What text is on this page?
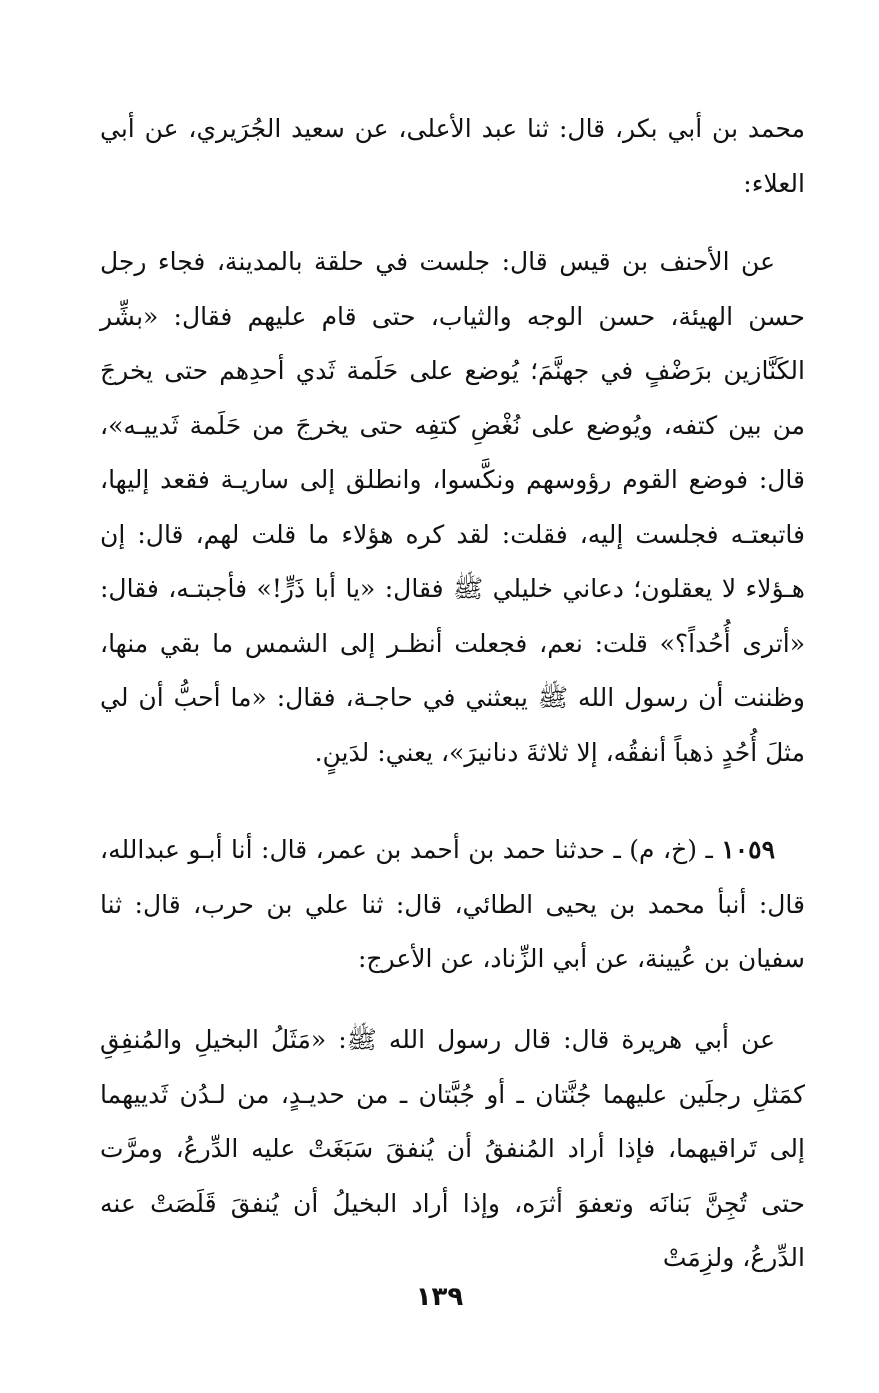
محمد بن أبي بكر، قال: ثنا عبد الأعلى، عن سعيد الجُرَيري، عن أبي العلاء:

عن الأحنف بن قيس قال: جلست في حلقة بالمدينة، فجاء رجل حسن الهيئة، حسن الوجه والثياب، حتى قام عليهم فقال: «بشِّر الكَنَّازين برَضْفٍ في جهنَّمَ؛ يُوضع على حَلَمة ثَدي أحدِهم حتى يخرجَ من بين كتفه، ويُوضع على نُغْضِ كتفِه حتى يخرجَ من حَلَمة ثَدييـه»، قال: فوضع القوم رؤوسهم ونكَّسوا، وانطلق إلى ساريـة فقعد إليها، فاتبعتـه فجلست إليه، فقلت: لقد كره هؤلاء ما قلت لهم، قال: إن هـؤلاء لا يعقلون؛ دعاني خليلي ﷺ فقال: «يا أبا ذَرٍّ!» فأجبتـه، فقال: «أترى أُحُداً؟» قلت: نعم، فجعلت أنظـر إلى الشمس ما بقي منها، وظننت أن رسول الله ﷺ يبعثني في حاجـة، فقال: «ما أحبُّ أن لي مثلَ أُحُدٍ ذهباً أنفقُه، إلا ثلاثةَ دنانيرَ»، يعني: لدَينٍ.

١٠٥٩ ـ (خ، م) ـ حدثنا حمد بن أحمد بن عمر، قال: أنا أبـو عبدالله، قال: أنبأ محمد بن يحيى الطائي، قال: ثنا علي بن حرب، قال: ثنا سفيان بن عُيينة، عن أبي الزِّناد، عن الأعرج:

عن أبي هريرة قال: قال رسول الله ﷺ: «مَثَلُ البخيلِ والمُنفِقِ كمَثلِ رجلَين عليهما جُنَّتان ـ أو جُبَّتان ـ من حديـدٍ، من لـدُن ثَدييهما إلى تَراقيهما، فإذا أراد المُنفقُ أن يُنفقَ سَبَغَتْ عليه الدِّرعُ، ومرَّت حتى تُجِنَّ بَنانَه وتعفوَ أثرَه، وإذا أراد البخيلُ أن يُنفقَ قَلَصَتْ عنه الدِّرعُ، ولزِمَتْ

١٣٩
